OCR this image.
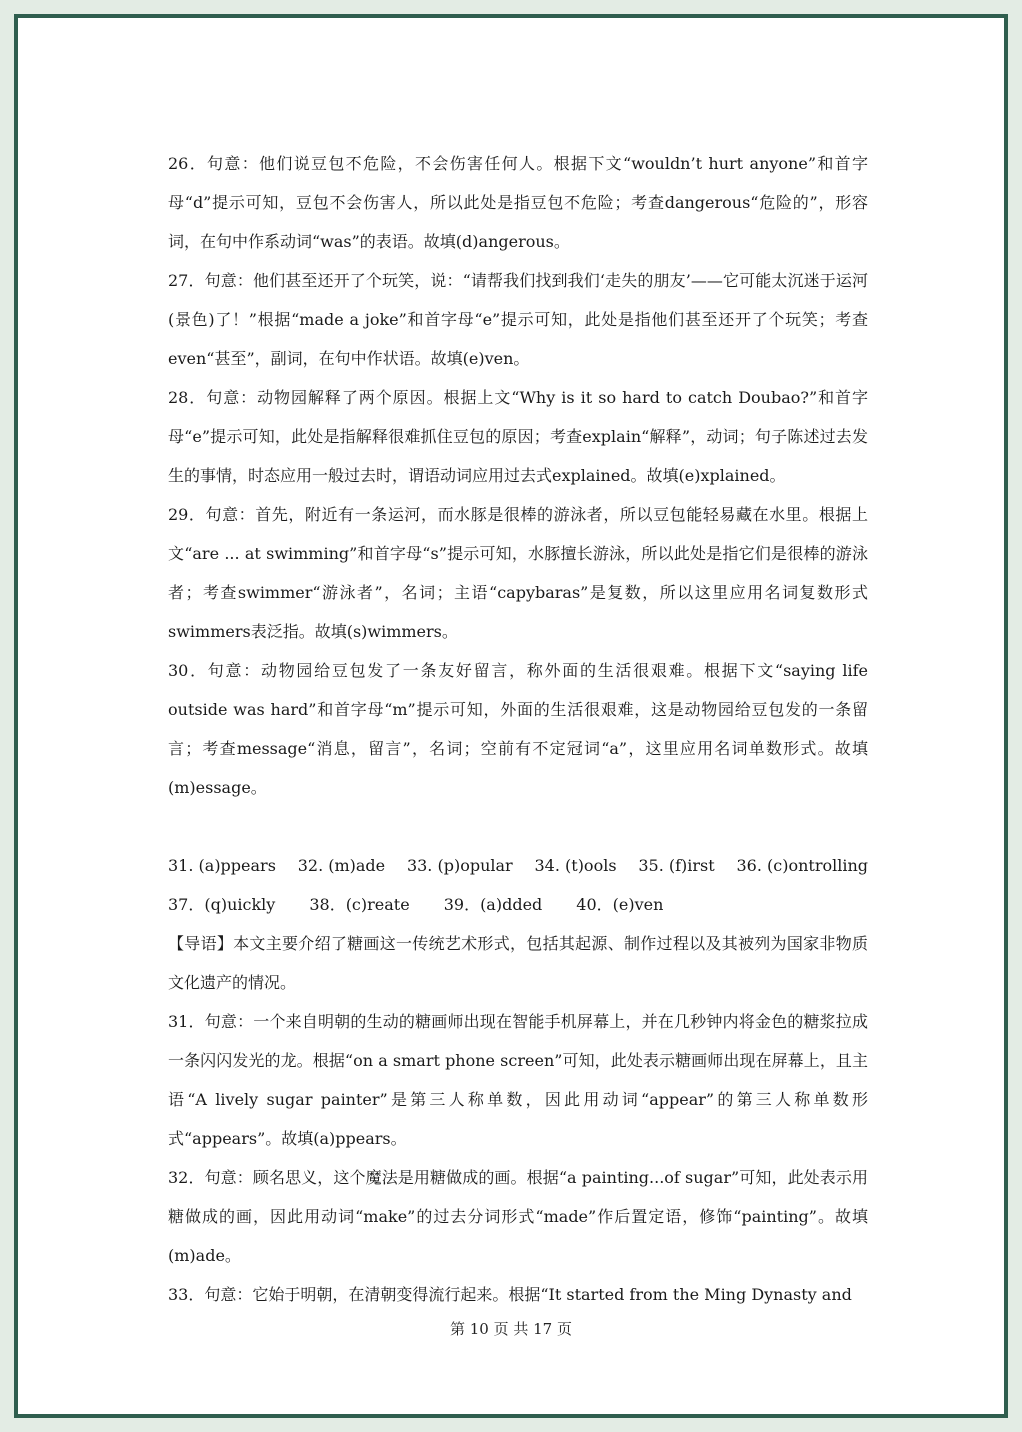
26．句意：他们说豆包不危险，不会伤害任何人。根据下文“wouldn’t hurt anyone”和首字母“d”提示可知，豆包不会伤害人，所以此处是指豆包不危险；考查dangerous“危险的”，形容词，在句中作系动词“was”的表语。故填(d)angerous。

27．句意：他们甚至还开了个玩笑，说：“请帮我们找到我们‘走失的朋友’——它可能太沉迷于运河 (景色)了！”根据“made a joke”和首字母“e”提示可知，此处是指他们甚至还开了个玩笑；考查even“甚至”，副词，在句中作状语。故填(e)ven。

28．句意：动物园解释了两个原因。根据上文“Why is it so hard to catch Doubao?”和首字母“e”提示可知，此处是指解释很难抓住豆包的原因；考查explain“解释”，动词；句子陈述过去发生的事情，时态应用一般过去时，谓语动词应用过去式explained。故填(e)xplained。

29．句意：首先，附近有一条运河，而水豚是很棒的游泳者，所以豆包能轻易藏在水里。根据上文“are ... at swimming”和首字母“s”提示可知，水豚擅长游泳，所以此处是指它们是很棒的游泳者；考查swimmer“游泳者”，名词；主语“capybaras”是复数，所以这里应用名词复数形式swimmers表泛指。故填(s)wimmers。

30．句意：动物园给豆包发了一条友好留言，称外面的生活很艰难。根据下文“saying life outside was hard”和首字母“m”提示可知，外面的生活很艰难，这是动物园给豆包发的一条留言；考查message“消息，留言”，名词；空前有不定冠词“a”，这里应用名词单数形式。故填(m)essage。

31. (a)ppears 32. (m)ade 33. (p)opular 34. (t)ools 35. (f)irst 36. (c)ontrolling
37．(q)uickly 38．(c)reate 39．(a)dded 40．(e)ven

【导语】本文主要介绍了糖画这一传统艺术形式，包括其起源、制作过程以及其被列为国家非物质文化遗产的情况。

31．句意：一个来自明朝的生动的糖画师出现在智能手机屏幕上，并在几秒钟内将金色的糖浆拉成一条闪闪发光的龙。根据“on a smart phone screen”可知，此处表示糖画师出现在屏幕上，且主语“A lively sugar painter”是第三人称单数，因此用动词“appear”的第三人称单数形式“appears”。故填(a)ppears。

32．句意：顾名思义，这个魔法是用糖做成的画。根据“a painting...of sugar”可知，此处表示用糖做成的画，因此用动词“make”的过去分词形式“made”作后置定语，修饰“painting”。故填(m)ade。

33．句意：它始于明朝，在清朝变得流行起来。根据“It started from the Ming Dynasty and

第 10 页 共 17 页
